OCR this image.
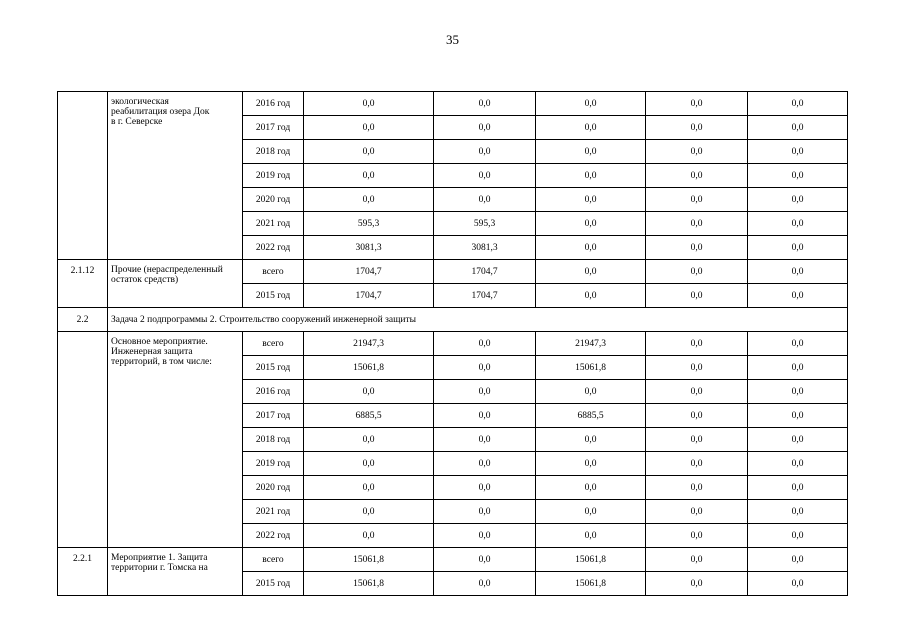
35

	экологическая
реабилитация озера Док
в г. Северске	2016 год	0,0	0,0	0,0	0,0	0,0
		2017 год	0,0	0,0	0,0	0,0	0,0
		2018 год	0,0	0,0	0,0	0,0	0,0
		2019 год	0,0	0,0	0,0	0,0	0,0
		2020 год	0,0	0,0	0,0	0,0	0,0
		2021 год	595,3	595,3	0,0	0,0	0,0
		2022 год	3081,3	3081,3	0,0	0,0	0,0
2.1.12	Прочие (нераспределенный
остаток средств)	всего	1704,7	1704,7	0,0	0,0	0,0
		2015 год	1704,7	1704,7	0,0	0,0	0,0
2.2	Задача 2 подпрограммы 2. Строительство сооружений инженерной защиты						

	Основное мероприятие.
Инженерная защита
территорий, в том числе:	всего	21947,3	0,0	21947,3	0,0	0,0
		2015 год	15061,8	0,0	15061,8	0,0	0,0
		2016 год	0,0	0,0	0,0	0,0	0,0
		2017 год	6885,5	0,0	6885,5	0,0	0,0
		2018 год	0,0	0,0	0,0	0,0	0,0
		2019 год	0,0	0,0	0,0	0,0	0,0
		2020 год	0,0	0,0	0,0	0,0	0,0
		2021 год	0,0	0,0	0,0	0,0	0,0
		2022 год	0,0	0,0	0,0	0,0	0,0
2.2.1	Мероприятие 1. Защита
территории г. Томска на	всего	15061,8	0,0	15061,8	0,0	0,0
		2015 год	15061,8	0,0	15061,8	0,0	0,0
